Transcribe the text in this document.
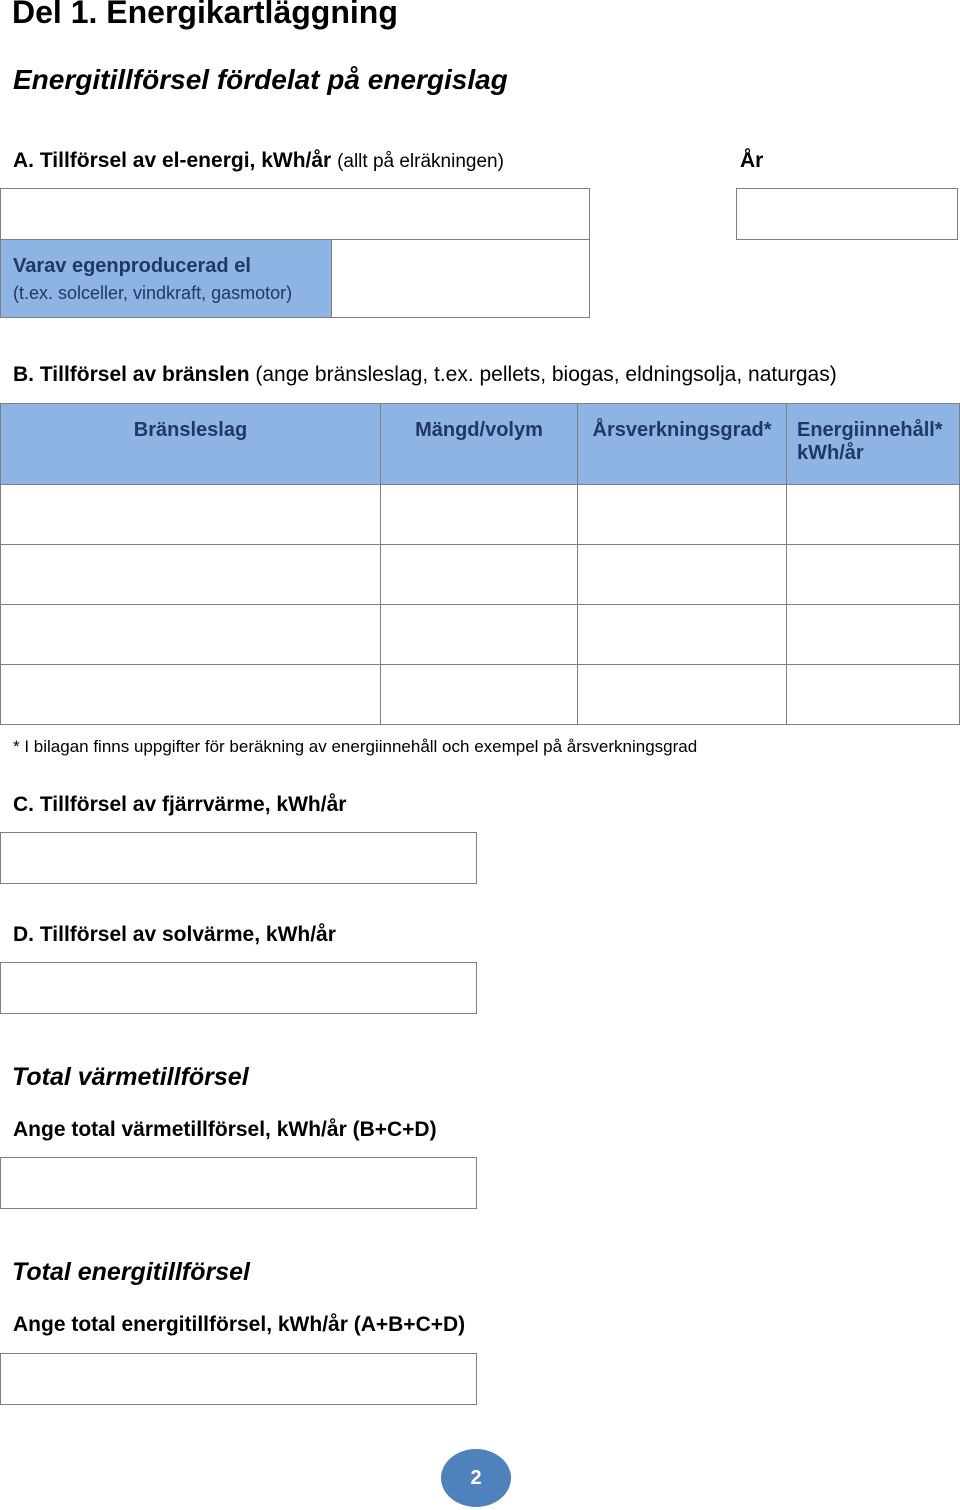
Del 1. Energikartläggning
Energitillförsel fördelat på energislag
A. Tillförsel av el-energi, kWh/år (allt på elräkningen)	År
Varav egenproducerad el
(t.ex. solceller, vindkraft, gasmotor)
B. Tillförsel av bränslen (ange bränsleslag, t.ex. pellets, biogas, eldningsolja, naturgas)
Bränsleslag	Mängd/volym	Årsverkningsgrad*	Energiinnehåll* kWh/år

* I bilagan finns uppgifter för beräkning av energiinnehåll och exempel på årsverkningsgrad
C. Tillförsel av fjärrvärme, kWh/år
D. Tillförsel av solvärme, kWh/år
Total värmetillförsel
Ange total värmetillförsel, kWh/år (B+C+D)
Total energitillförsel
Ange total energitillförsel, kWh/år (A+B+C+D)
2
